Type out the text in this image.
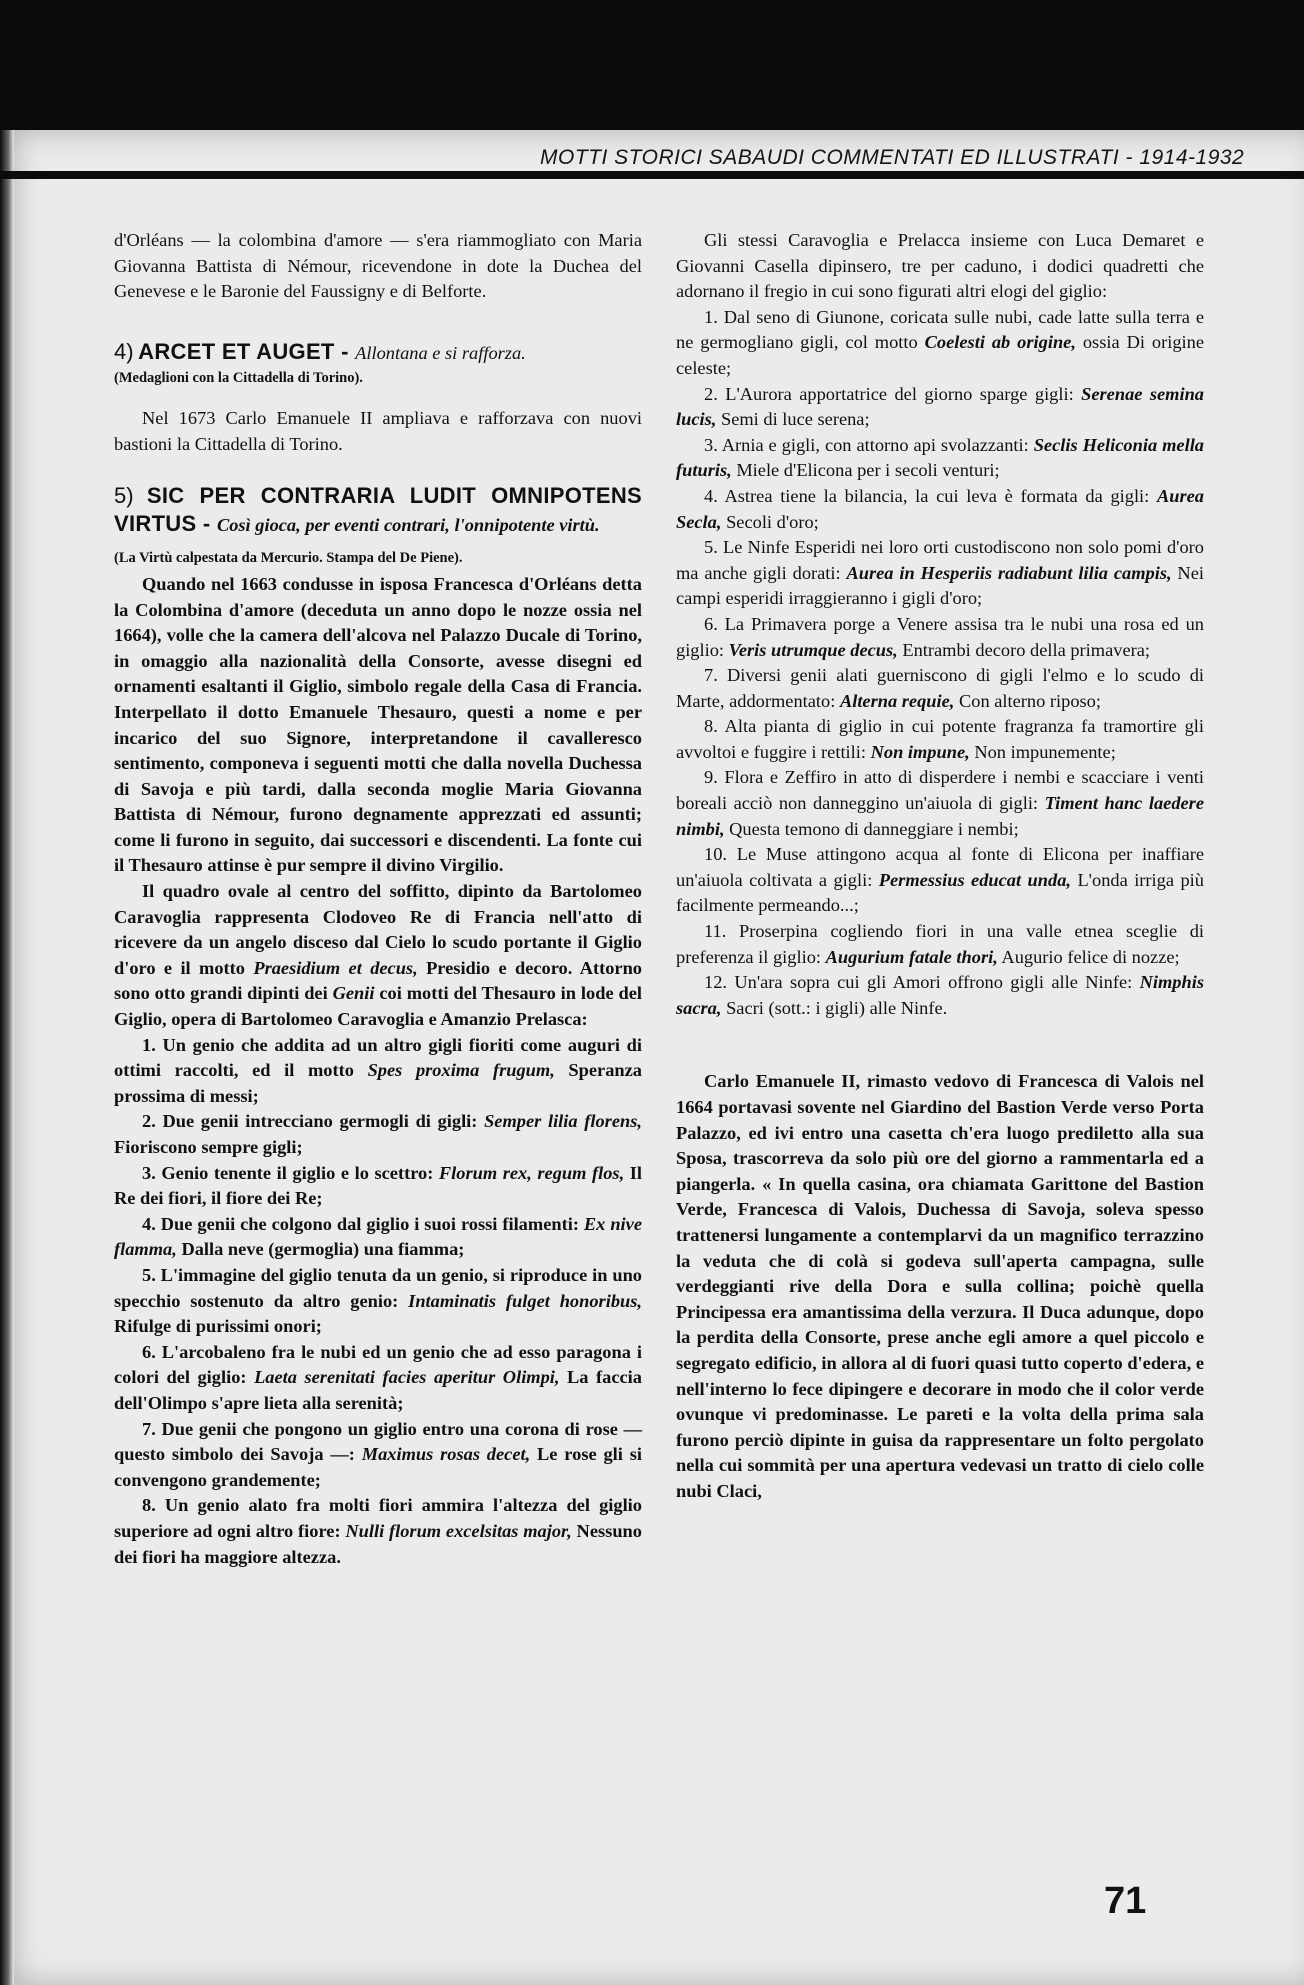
MOTTI STORICI SABAUDI COMMENTATI ED ILLUSTRATI - 1914-1932

d'Orléans — la colombina d'amore — s'era riammogliato con Maria Giovanna Battista di Némour, ricevendone in dote la Duchea del Genevese e le Baronie del Faussigny e di Belforte.

4) ARCET ET AUGET - Allontana e si rafforza.

(Medaglioni con la Cittadella di Torino).

Nel 1673 Carlo Emanuele II ampliava e rafforzava con nuovi bastioni la Cittadella di Torino.

5) SIC PER CONTRARIA LUDIT OMNIPOTENS VIRTUS - Così gioca, per eventi contrari, l'onnipotente virtù.

(La Virtù calpestata da Mercurio. Stampa del De Piene).

Quando nel 1663 condusse in isposa Francesca d'Orléans detta la Colombina d'amore (deceduta un anno dopo le nozze ossia nel 1664), volle che la camera dell'alcova nel Palazzo Ducale di Torino, in omaggio alla nazionalità della Consorte, avesse disegni ed ornamenti esaltanti il Giglio, simbolo regale della Casa di Francia. Interpellato il dotto Emanuele Thesauro, questi a nome e per incarico del suo Signore, interpretandone il cavalleresco sentimento, componeva i seguenti motti che dalla novella Duchessa di Savoja e più tardi, dalla seconda moglie Maria Giovanna Battista di Némour, furono degnamente apprezzati ed assunti; come li furono in seguito, dai successori e discendenti. La fonte cui il Thesauro attinse è pur sempre il divino Virgilio.

Il quadro ovale al centro del soffitto, dipinto da Bartolomeo Caravoglia rappresenta Clodoveo Re di Francia nell'atto di ricevere da un angelo disceso dal Cielo lo scudo portante il Giglio d'oro e il motto Praesidium et decus, Presidio e decoro. Attorno sono otto grandi dipinti dei Genii coi motti del Thesauro in lode del Giglio, opera di Bartolomeo Caravoglia e Amanzio Prelasca:

1. Un genio che addita ad un altro gigli fioriti come auguri di ottimi raccolti, ed il motto Spes proxima frugum, Speranza prossima di messi;

2. Due genii intrecciano germogli di gigli: Semper lilia florens, Fioriscono sempre gigli;

3. Genio tenente il giglio e lo scettro: Florum rex, regum flos, Il Re dei fiori, il fiore dei Re;

4. Due genii che colgono dal giglio i suoi rossi filamenti: Ex nive flamma, Dalla neve (germoglia) una fiamma;

5. L'immagine del giglio tenuta da un genio, si riproduce in uno specchio sostenuto da altro genio: Intaminatis fulget honoribus, Rifulge di purissimi onori;

6. L'arcobaleno fra le nubi ed un genio che ad esso paragona i colori del giglio: Laeta serenitati facies aperitur Olimpi, La faccia dell'Olimpo s'apre lieta alla serenità;

7. Due genii che pongono un giglio entro una corona di rose — questo simbolo dei Savoja —: Maximus rosas decet, Le rose gli si convengono grandemente;

8. Un genio alato fra molti fiori ammira l'altezza del giglio superiore ad ogni altro fiore: Nulli florum excelsitas major, Nessuno dei fiori ha maggiore altezza.

Gli stessi Caravoglia e Prelacca insieme con Luca Demaret e Giovanni Casella dipinsero, tre per caduno, i dodici quadretti che adornano il fregio in cui sono figurati altri elogi del giglio:

1. Dal seno di Giunone, coricata sulle nubi, cade latte sulla terra e ne germogliano gigli, col motto Coelesti ab origine, ossia Di origine celeste;

2. L'Aurora apportatrice del giorno sparge gigli: Serenae semina lucis, Semi di luce serena;

3. Arnia e gigli, con attorno api svolazzanti: Seclis Heliconia mella futuris, Miele d'Elicona per i secoli venturi;

4. Astrea tiene la bilancia, la cui leva è formata da gigli: Aurea Secla, Secoli d'oro;

5. Le Ninfe Esperidi nei loro orti custodiscono non solo pomi d'oro ma anche gigli dorati: Aurea in Hesperiis radiabunt lilia campis, Nei campi esperidi irraggieranno i gigli d'oro;

6. La Primavera porge a Venere assisa tra le nubi una rosa ed un giglio: Veris utrumque decus, Entrambi decoro della primavera;

7. Diversi genii alati guerniscono di gigli l'elmo e lo scudo di Marte, addormentato: Alterna requie, Con alterno riposo;

8. Alta pianta di giglio in cui potente fragranza fa tramortire gli avvoltoi e fuggire i rettili: Non impune, Non impunemente;

9. Flora e Zeffiro in atto di disperdere i nembi e scacciare i venti boreali acciò non danneggino un'aiuola di gigli: Timent hanc laedere nimbi, Questa temono di danneggiare i nembi;

10. Le Muse attingono acqua al fonte di Elicona per inaffiare un'aiuola coltivata a gigli: Permessius educat unda, L'onda irriga più facilmente permeando...;

11. Proserpina cogliendo fiori in una valle etnea sceglie di preferenza il giglio: Augurium fatale thori, Augurio felice di nozze;

12. Un'ara sopra cui gli Amori offrono gigli alle Ninfe: Nimphis sacra, Sacri (sott.: i gigli) alle Ninfe.

Carlo Emanuele II, rimasto vedovo di Francesca di Valois nel 1664 portavasi sovente nel Giardino del Bastion Verde verso Porta Palazzo, ed ivi entro una casetta ch'era luogo prediletto alla sua Sposa, trascorreva da solo più ore del giorno a rammentarla ed a piangerla. « In quella casina, ora chiamata Garittone del Bastion Verde, Francesca di Valois, Duchessa di Savoja, soleva spesso trattenersi lungamente a contemplarvi da un magnifico terrazzino la veduta che di colà si godeva sull'aperta campagna, sulle verdeggianti rive della Dora e sulla collina; poichè quella Principessa era amantissima della verzura. Il Duca adunque, dopo la perdita della Consorte, prese anche egli amore a quel piccolo e segregato edificio, in allora al di fuori quasi tutto coperto d'edera, e nell'interno lo fece dipingere e decorare in modo che il color verde ovunque vi predominasse. Le pareti e la volta della prima sala furono perciò dipinte in guisa da rappresentare un folto pergolato nella cui sommità per una apertura vedevasi un tratto di cielo colle nubi Claci,

71
